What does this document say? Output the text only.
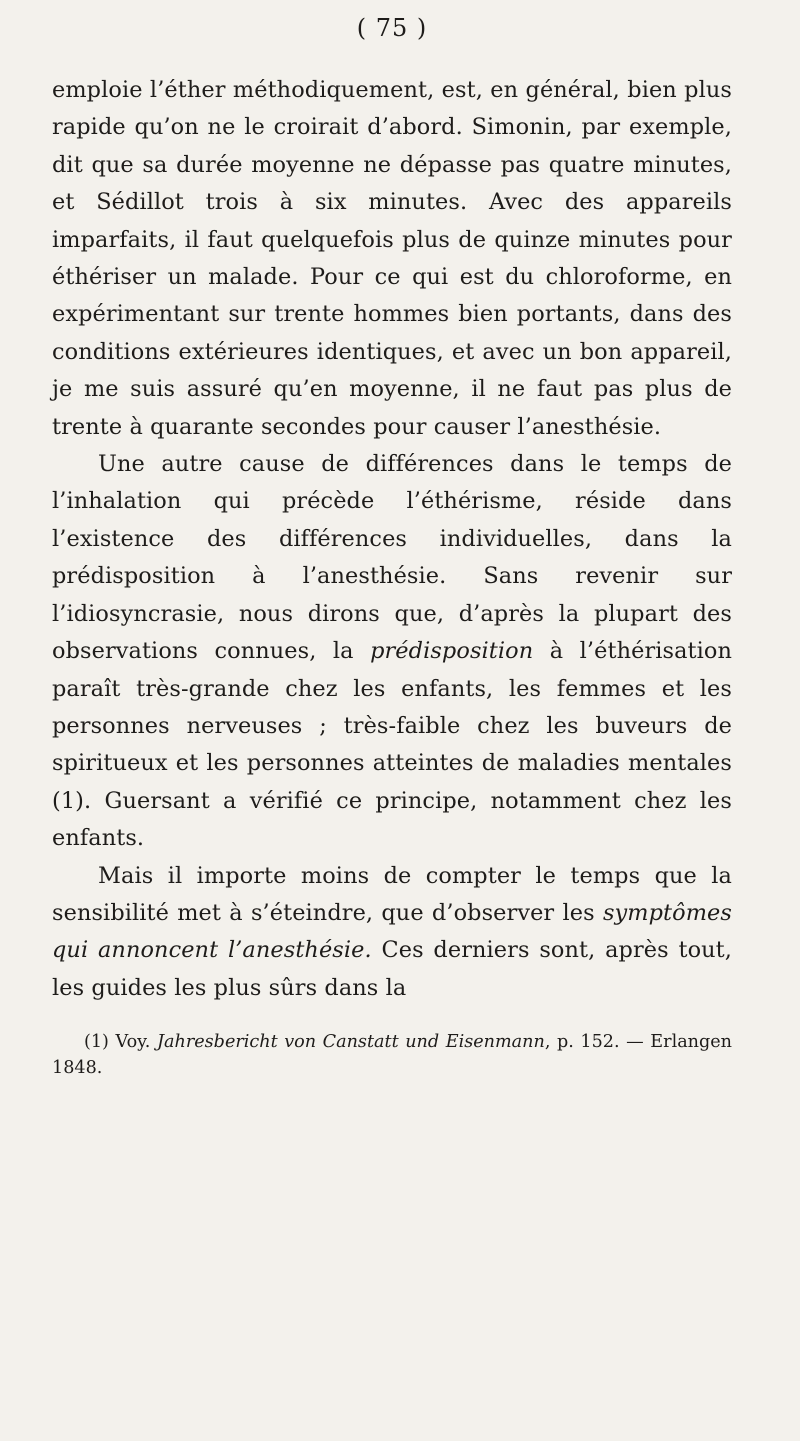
( 75 )

emploie l’éther méthodiquement, est, en général, bien plus rapide qu’on ne le croirait d’abord. Simonin, par exemple, dit que sa durée moyenne ne dépasse pas quatre minutes, et Sédillot trois à six minutes. Avec des appareils imparfaits, il faut quelquefois plus de quinze minutes pour éthériser un malade. Pour ce qui est du chloroforme, en expérimentant sur trente hommes bien portants, dans des conditions extérieures identiques, et avec un bon appareil, je me suis assuré qu’en moyenne, il ne faut pas plus de trente à quarante secondes pour causer l’anesthésie.

Une autre cause de différences dans le temps de l’inhalation qui précède l’éthérisme, réside dans l’existence des différences individuelles, dans la prédisposition à l’anesthésie. Sans revenir sur l’idiosyncrasie, nous dirons que, d’après la plupart des observations connues, la prédisposition à l’éthérisation paraît très-grande chez les enfants, les femmes et les personnes nerveuses ; très-faible chez les buveurs de spiritueux et les personnes atteintes de maladies mentales (1). Guersant a vérifié ce principe, notamment chez les enfants.

Mais il importe moins de compter le temps que la sensibilité met à s’éteindre, que d’observer les symptômes qui annoncent l’anesthésie. Ces derniers sont, après tout, les guides les plus sûrs dans la

(1) Voy. Jahresbericht von Canstatt und Eisenmann, p. 152. — Erlangen 1848.
